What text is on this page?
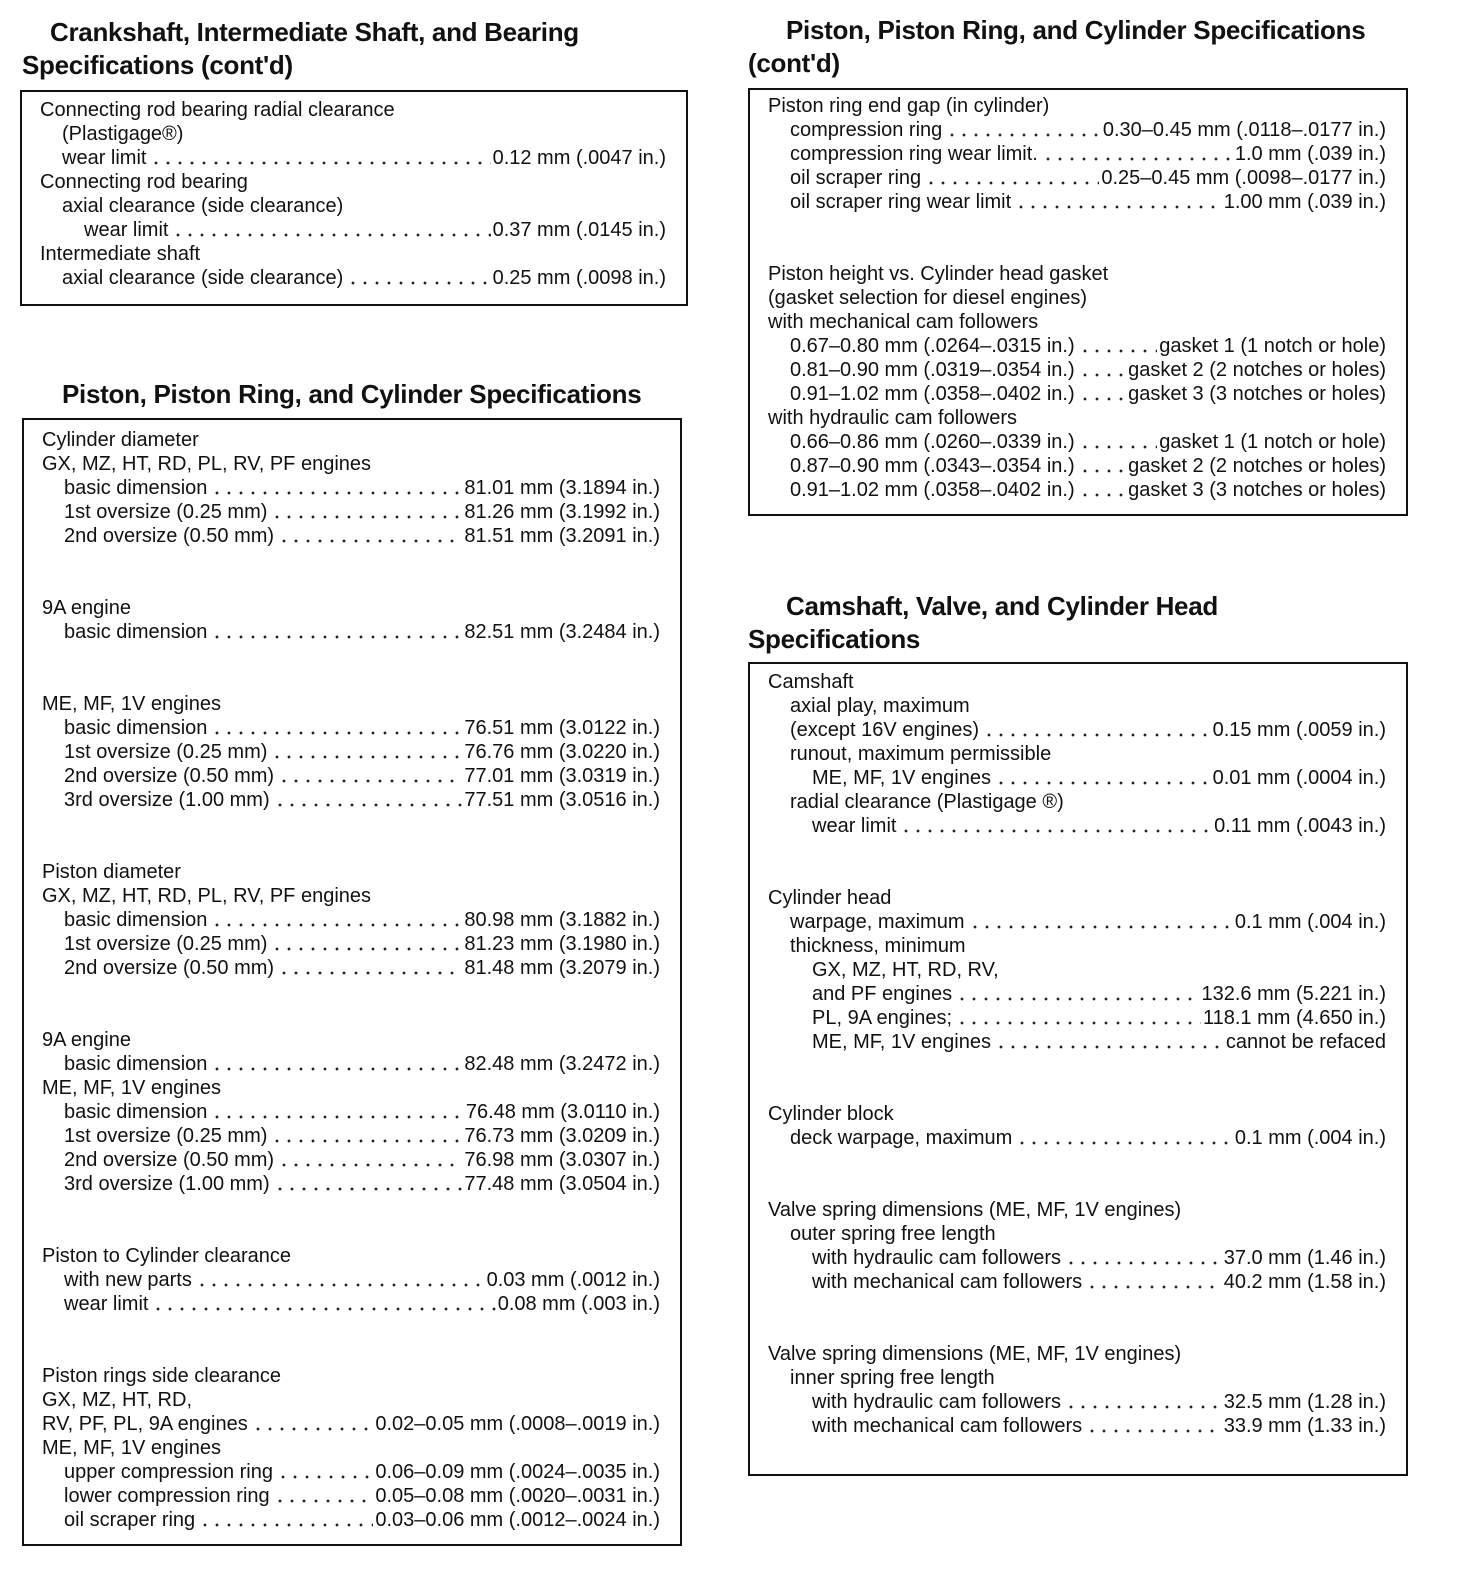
Crankshaft, Intermediate Shaft, and Bearing
Specifications (cont'd)
Connecting rod bearing radial clearance
(Plastigage®)
wear limit	0.12 mm (.0047 in.)
Connecting rod bearing
axial clearance (side clearance)
wear limit	0.37 mm (.0145 in.)
Intermediate shaft
axial clearance (side clearance)	0.25 mm (.0098 in.)
Piston, Piston Ring, and Cylinder Specifications
Cylinder diameter
GX, MZ, HT, RD, PL, RV, PF engines
basic dimension	81.01 mm (3.1894 in.)
1st oversize (0.25 mm)	81.26 mm (3.1992 in.)
2nd oversize (0.50 mm)	81.51 mm (3.2091 in.)
9A engine
basic dimension	82.51 mm (3.2484 in.)
ME, MF, 1V engines
basic dimension	76.51 mm (3.0122 in.)
1st oversize (0.25 mm)	76.76 mm (3.0220 in.)
2nd oversize (0.50 mm)	77.01 mm (3.0319 in.)
3rd oversize (1.00 mm)	77.51 mm (3.0516 in.)
Piston diameter
GX, MZ, HT, RD, PL, RV, PF engines
basic dimension	80.98 mm (3.1882 in.)
1st oversize (0.25 mm)	81.23 mm (3.1980 in.)
2nd oversize (0.50 mm)	81.48 mm (3.2079 in.)
9A engine
basic dimension	82.48 mm (3.2472 in.)
ME, MF, 1V engines
basic dimension	76.48 mm (3.0110 in.)
1st oversize (0.25 mm)	76.73 mm (3.0209 in.)
2nd oversize (0.50 mm)	76.98 mm (3.0307 in.)
3rd oversize (1.00 mm)	77.48 mm (3.0504 in.)
Piston to Cylinder clearance
with new parts	0.03 mm (.0012 in.)
wear limit	0.08 mm (.003 in.)
Piston rings side clearance
GX, MZ, HT, RD,
RV, PF, PL, 9A engines	0.02–0.05 mm (.0008–.0019 in.)
ME, MF, 1V engines
upper compression ring	0.06–0.09 mm (.0024–.0035 in.)
lower compression ring	0.05–0.08 mm (.0020–.0031 in.)
oil scraper ring	0.03–0.06 mm (.0012–.0024 in.)
Piston, Piston Ring, and Cylinder Specifications
(cont'd)
Piston ring end gap (in cylinder)
compression ring	0.30–0.45 mm (.0118–.0177 in.)
compression ring wear limit.	1.0 mm (.039 in.)
oil scraper ring	0.25–0.45 mm (.0098–.0177 in.)
oil scraper ring wear limit	1.00 mm (.039 in.)
Piston height vs. Cylinder head gasket
(gasket selection for diesel engines)
with mechanical cam followers
0.67–0.80 mm (.0264–.0315 in.)	gasket 1 (1 notch or hole)
0.81–0.90 mm (.0319–.0354 in.)	gasket 2 (2 notches or holes)
0.91–1.02 mm (.0358–.0402 in.)	gasket 3 (3 notches or holes)
with hydraulic cam followers
0.66–0.86 mm (.0260–.0339 in.)	gasket 1 (1 notch or hole)
0.87–0.90 mm (.0343–.0354 in.)	gasket 2 (2 notches or holes)
0.91–1.02 mm (.0358–.0402 in.)	gasket 3 (3 notches or holes)
Camshaft, Valve, and Cylinder Head
Specifications
Camshaft
axial play, maximum
(except 16V engines)	0.15 mm (.0059 in.)
runout, maximum permissible
ME, MF, 1V engines	0.01 mm (.0004 in.)
radial clearance (Plastigage ®)
wear limit	0.11 mm (.0043 in.)
Cylinder head
warpage, maximum	0.1 mm (.004 in.)
thickness, minimum
GX, MZ, HT, RD, RV,
and PF engines	132.6 mm (5.221 in.)
PL, 9A engines;	118.1 mm (4.650 in.)
ME, MF, 1V engines	cannot be refaced
Cylinder block
deck warpage, maximum	0.1 mm (.004 in.)
Valve spring dimensions (ME, MF, 1V engines)
outer spring free length
with hydraulic cam followers	37.0 mm (1.46 in.)
with mechanical cam followers	40.2 mm (1.58 in.)
Valve spring dimensions (ME, MF, 1V engines)
inner spring free length
with hydraulic cam followers	32.5 mm (1.28 in.)
with mechanical cam followers	33.9 mm (1.33 in.)
